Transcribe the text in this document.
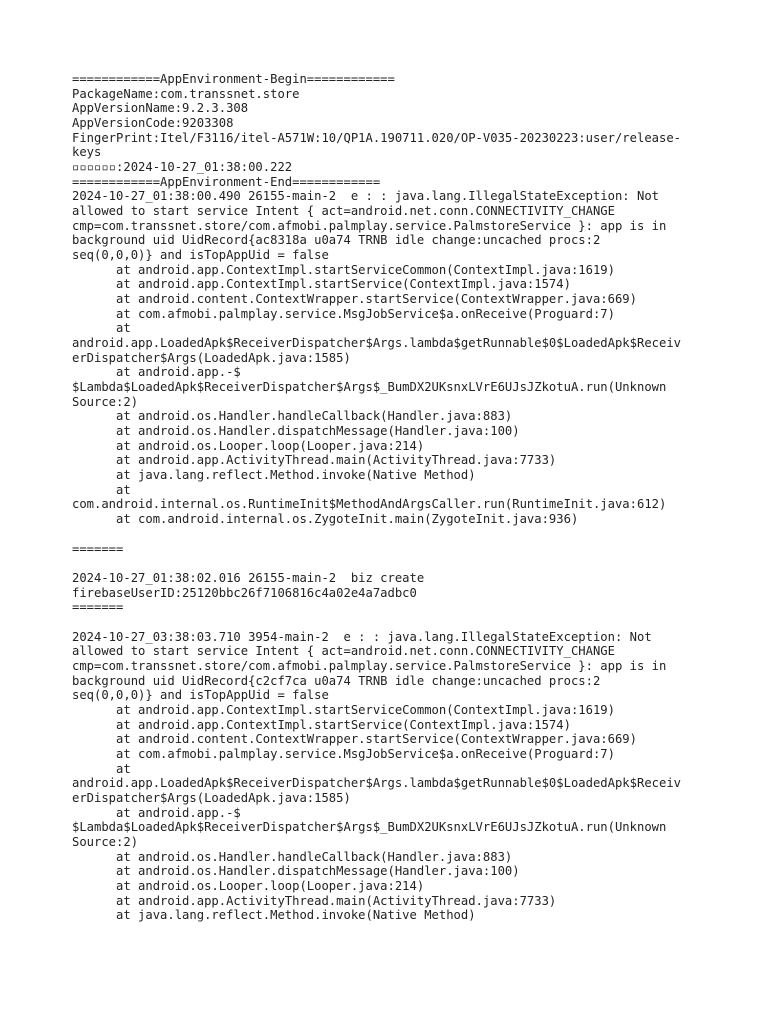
============AppEnvironment-Begin============
PackageName:com.transsnet.store
AppVersionName:9.2.3.308
AppVersionCode:9203308
FingerPrint:Itel/F3116/itel-A571W:10/QP1A.190711.020/OP-V035-20230223:user/release-
keys
▫▫▫▫▫▫:2024-10-27_01:38:00.222
============AppEnvironment-End============
2024-10-27_01:38:00.490 26155-main-2  e : : java.lang.IllegalStateException: Not
allowed to start service Intent { act=android.net.conn.CONNECTIVITY_CHANGE
cmp=com.transsnet.store/com.afmobi.palmplay.service.PalmstoreService }: app is in
background uid UidRecord{ac8318a u0a74 TRNB idle change:uncached procs:2
seq(0,0,0)} and isTopAppUid = false
at android.app.ContextImpl.startServiceCommon(ContextImpl.java:1619)
at android.app.ContextImpl.startService(ContextImpl.java:1574)
at android.content.ContextWrapper.startService(ContextWrapper.java:669)
at com.afmobi.palmplay.service.MsgJobService$a.onReceive(Proguard:7)
at
android.app.LoadedApk$ReceiverDispatcher$Args.lambda$getRunnable$0$LoadedApk$Receiv
erDispatcher$Args(LoadedApk.java:1585)
at android.app.-$
$Lambda$LoadedApk$ReceiverDispatcher$Args$_BumDX2UKsnxLVrE6UJsJZkotuA.run(Unknown
Source:2)
at android.os.Handler.handleCallback(Handler.java:883)
at android.os.Handler.dispatchMessage(Handler.java:100)
at android.os.Looper.loop(Looper.java:214)
at android.app.ActivityThread.main(ActivityThread.java:7733)
at java.lang.reflect.Method.invoke(Native Method)
at
com.android.internal.os.RuntimeInit$MethodAndArgsCaller.run(RuntimeInit.java:612)
at com.android.internal.os.ZygoteInit.main(ZygoteInit.java:936)
=======
2024-10-27_01:38:02.016 26155-main-2  biz create
firebaseUserID:25120bbc26f7106816c4a02e4a7adbc0
=======
2024-10-27_03:38:03.710 3954-main-2  e : : java.lang.IllegalStateException: Not
allowed to start service Intent { act=android.net.conn.CONNECTIVITY_CHANGE
cmp=com.transsnet.store/com.afmobi.palmplay.service.PalmstoreService }: app is in
background uid UidRecord{c2cf7ca u0a74 TRNB idle change:uncached procs:2
seq(0,0,0)} and isTopAppUid = false
at android.app.ContextImpl.startServiceCommon(ContextImpl.java:1619)
at android.app.ContextImpl.startService(ContextImpl.java:1574)
at android.content.ContextWrapper.startService(ContextWrapper.java:669)
at com.afmobi.palmplay.service.MsgJobService$a.onReceive(Proguard:7)
at
android.app.LoadedApk$ReceiverDispatcher$Args.lambda$getRunnable$0$LoadedApk$Receiv
erDispatcher$Args(LoadedApk.java:1585)
at android.app.-$
$Lambda$LoadedApk$ReceiverDispatcher$Args$_BumDX2UKsnxLVrE6UJsJZkotuA.run(Unknown
Source:2)
at android.os.Handler.handleCallback(Handler.java:883)
at android.os.Handler.dispatchMessage(Handler.java:100)
at android.os.Looper.loop(Looper.java:214)
at android.app.ActivityThread.main(ActivityThread.java:7733)
at java.lang.reflect.Method.invoke(Native Method)
